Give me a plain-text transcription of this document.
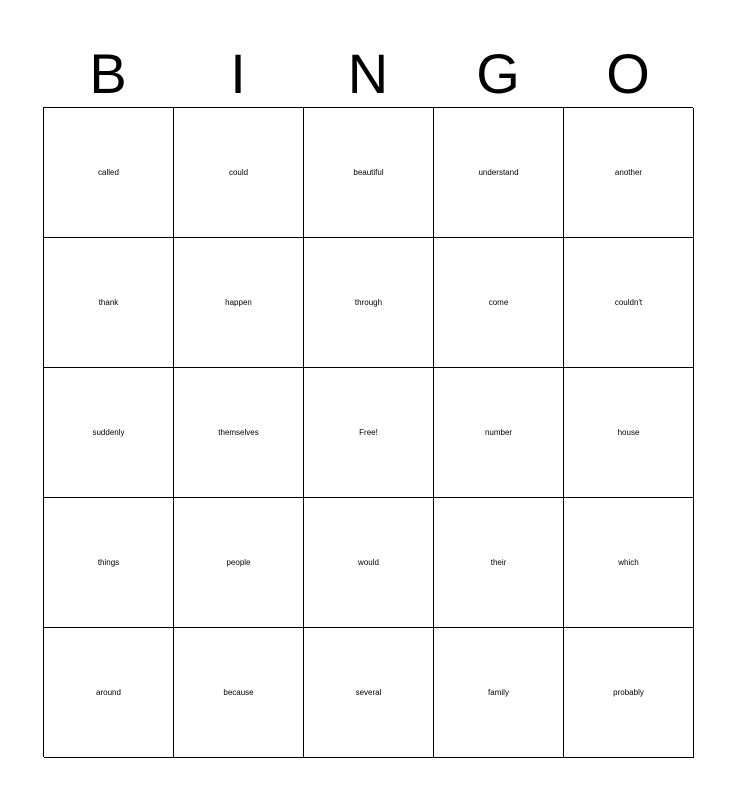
B	I	N	G	O
called	could	beautiful	understand	another
thank	happen	through	come	couldn't
suddenly	themselves	Free!	number	house
things	people	would	their	which
around	because	several	family	probably
